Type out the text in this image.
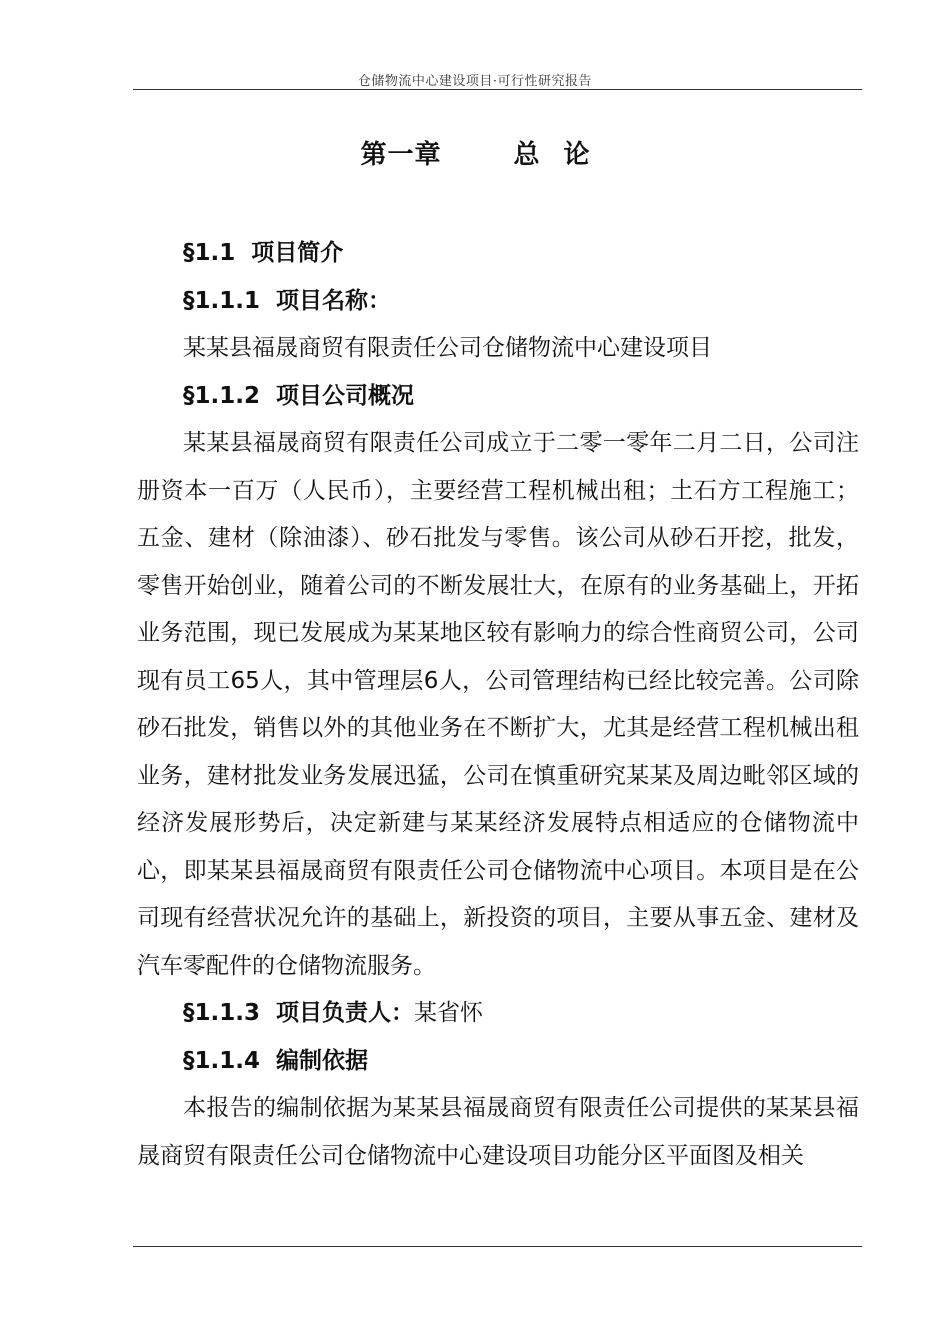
仓储物流中心建设项目·可行性研究报告
第一章	总论

§1.1 项目简介

§1.1.1 项目名称：

某某县福晟商贸有限责任公司仓储物流中心建设项目

§1.1.2 项目公司概况

某某县福晟商贸有限责任公司成立于二零一零年二月二日，公司注册资本一百万（人民币），主要经营工程机械出租；土石方工程施工；五金、建材（除油漆）、砂石批发与零售。该公司从砂石开挖，批发，零售开始创业，随着公司的不断发展壮大，在原有的业务基础上，开拓业务范围，现已发展成为某某地区较有影响力的综合性商贸公司，公司现有员工65人，其中管理层6人，公司管理结构已经比较完善。公司除砂石批发，销售以外的其他业务在不断扩大，尤其是经营工程机械出租业务，建材批发业务发展迅猛，公司在慎重研究某某及周边毗邻区域的经济发展形势后，决定新建与某某经济发展特点相适应的仓储物流中心，即某某县福晟商贸有限责任公司仓储物流中心项目。本项目是在公司现有经营状况允许的基础上，新投资的项目，主要从事五金、建材及汽车零配件的仓储物流服务。

§1.1.3 项目负责人：某省怀

§1.1.4 编制依据

本报告的编制依据为某某县福晟商贸有限责任公司提供的某某县福晟商贸有限责任公司仓储物流中心建设项目功能分区平面图及相关
